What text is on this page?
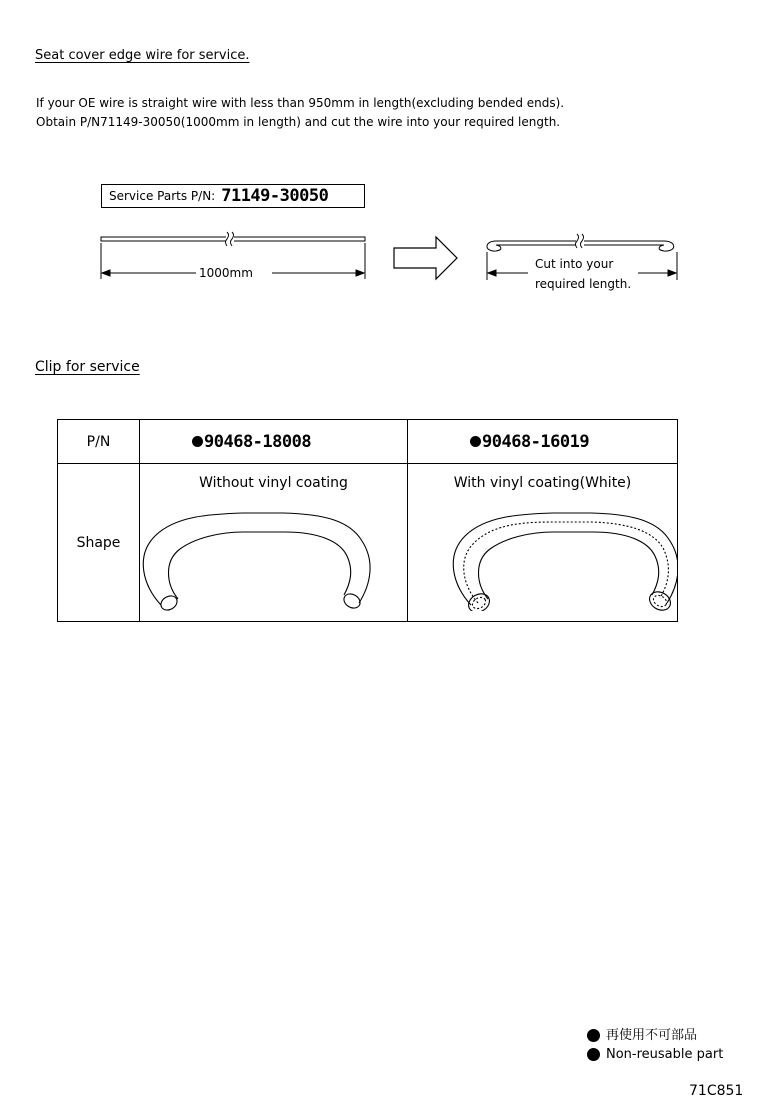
Seat cover edge wire for service.
If your OE wire is straight wire with less than 950mm in length(excluding bended ends).
Obtain P/N71149-30050(1000mm in length) and cut the wire into your required length.
Service Parts P/N: 71149-30050
1000mm
Cut into your
required length.
Clip for service
P/N	90468-18008	90468-16019
Shape	Without vinyl coating	With vinyl coating(White)
再使用不可部品
Non-reusable part
71C851
